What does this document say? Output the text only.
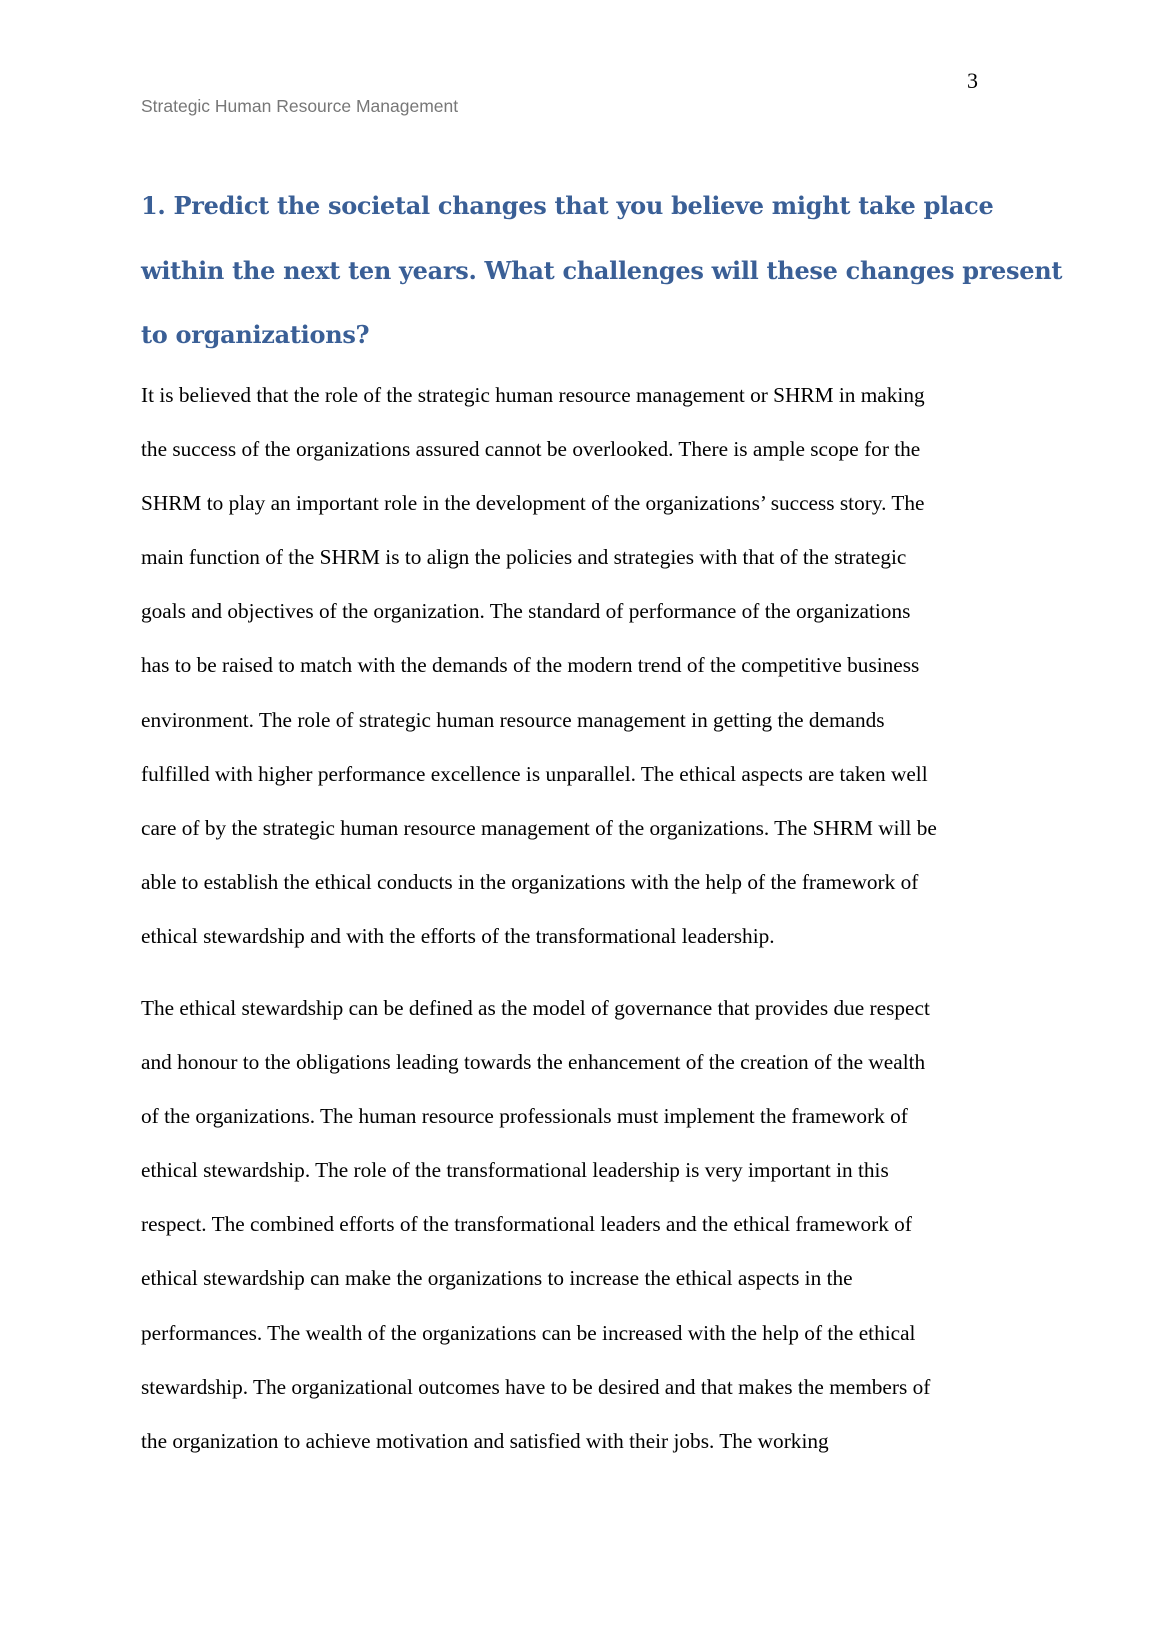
3

Strategic Human Resource Management

1. Predict the societal changes that you believe might take place
within the next ten years. What challenges will these changes present
to organizations?

It is believed that the role of the strategic human resource management or SHRM in making
the success of the organizations assured cannot be overlooked. There is ample scope for the
SHRM to play an important role in the development of the organizations’ success story. The
main function of the SHRM is to align the policies and strategies with that of the strategic
goals and objectives of the organization. The standard of performance of the organizations
has to be raised to match with the demands of the modern trend of the competitive business
environment. The role of strategic human resource management in getting the demands
fulfilled with higher performance excellence is unparallel. The ethical aspects are taken well
care of by the strategic human resource management of the organizations. The SHRM will be
able to establish the ethical conducts in the organizations with the help of the framework of
ethical stewardship and with the efforts of the transformational leadership.

The ethical stewardship can be defined as the model of governance that provides due respect
and honour to the obligations leading towards the enhancement of the creation of the wealth
of the organizations. The human resource professionals must implement the framework of
ethical stewardship. The role of the transformational leadership is very important in this
respect. The combined efforts of the transformational leaders and the ethical framework of
ethical stewardship can make the organizations to increase the ethical aspects in the
performances. The wealth of the organizations can be increased with the help of the ethical
stewardship. The organizational outcomes have to be desired and that makes the members of
the organization to achieve motivation and satisfied with their jobs. The working
